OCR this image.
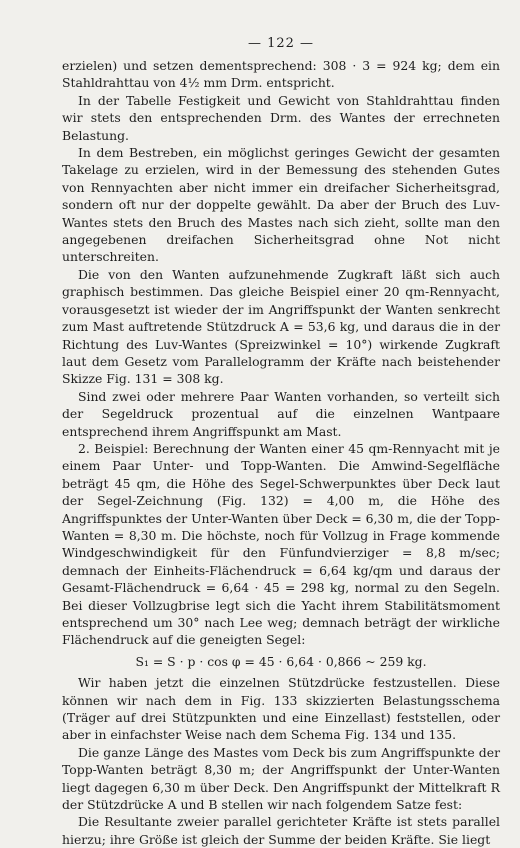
— 122 —

erzielen) und setzen dementsprechend: 308 · 3 = 924 kg; dem ein Stahldrahttau von 4½ mm Drm. entspricht.

In der Tabelle Festigkeit und Gewicht von Stahldrahttau finden wir stets den entsprechenden Drm. des Wantes der errechneten Belastung.

In dem Bestreben, ein möglichst geringes Gewicht der gesamten Takelage zu erzielen, wird in der Bemessung des stehenden Gutes von Rennyachten aber nicht immer ein dreifacher Sicherheitsgrad, sondern oft nur der doppelte gewählt. Da aber der Bruch des Luv-Wantes stets den Bruch des Mastes nach sich zieht, sollte man den angegebenen dreifachen Sicherheitsgrad ohne Not nicht unterschreiten.

Die von den Wanten aufzunehmende Zugkraft läßt sich auch graphisch bestimmen. Das gleiche Beispiel einer 20 qm-Rennyacht, vorausgesetzt ist wieder der im Angriffspunkt der Wanten senkrecht zum Mast auftretende Stützdruck A = 53,6 kg, und daraus die in der Richtung des Luv-Wantes (Spreizwinkel = 10°) wirkende Zugkraft laut dem Gesetz vom Parallelogramm der Kräfte nach beistehender Skizze Fig. 131 = 308 kg.

Sind zwei oder mehrere Paar Wanten vorhanden, so verteilt sich der Segeldruck prozentual auf die einzelnen Wantpaare entsprechend ihrem Angriffspunkt am Mast.

2. Beispiel: Berechnung der Wanten einer 45 qm-Rennyacht mit je einem Paar Unter- und Topp-Wanten. Die Amwind-Segelfläche beträgt 45 qm, die Höhe des Segel-Schwerpunktes über Deck laut der Segel-Zeichnung (Fig. 132) = 4,00 m, die Höhe des Angriffspunktes der Unter-Wanten über Deck = 6,30 m, die der Topp-Wanten = 8,30 m. Die höchste, noch für Vollzug in Frage kommende Windgeschwindigkeit für den Fünfundvierziger = 8,8 m/sec; demnach der Einheits-Flächendruck = 6,64 kg/qm und daraus der Gesamt-Flächendruck = 6,64 · 45 = 298 kg, normal zu den Segeln. Bei dieser Vollzugbrise legt sich die Yacht ihrem Stabilitätsmoment entsprechend um 30° nach Lee weg; demnach beträgt der wirkliche Flächendruck auf die geneigten Segel:

S₁ = S · p · cos φ = 45 · 6,64 · 0,866 ~ 259 kg.

Wir haben jetzt die einzelnen Stützdrücke festzustellen. Diese können wir nach dem in Fig. 133 skizzierten Belastungsschema (Träger auf drei Stützpunkten und eine Einzellast) feststellen, oder aber in einfachster Weise nach dem Schema Fig. 134 und 135.

Die ganze Länge des Mastes vom Deck bis zum Angriffspunkte der Topp-Wanten beträgt 8,30 m; der Angriffspunkt der Unter-Wanten liegt dagegen 6,30 m über Deck. Den Angriffspunkt der Mittelkraft R der Stützdrücke A und B stellen wir nach folgendem Satze fest:

Die Resultante zweier parallel gerichteter Kräfte ist stets parallel hierzu; ihre Größe ist gleich der Summe der beiden Kräfte. Sie liegt
